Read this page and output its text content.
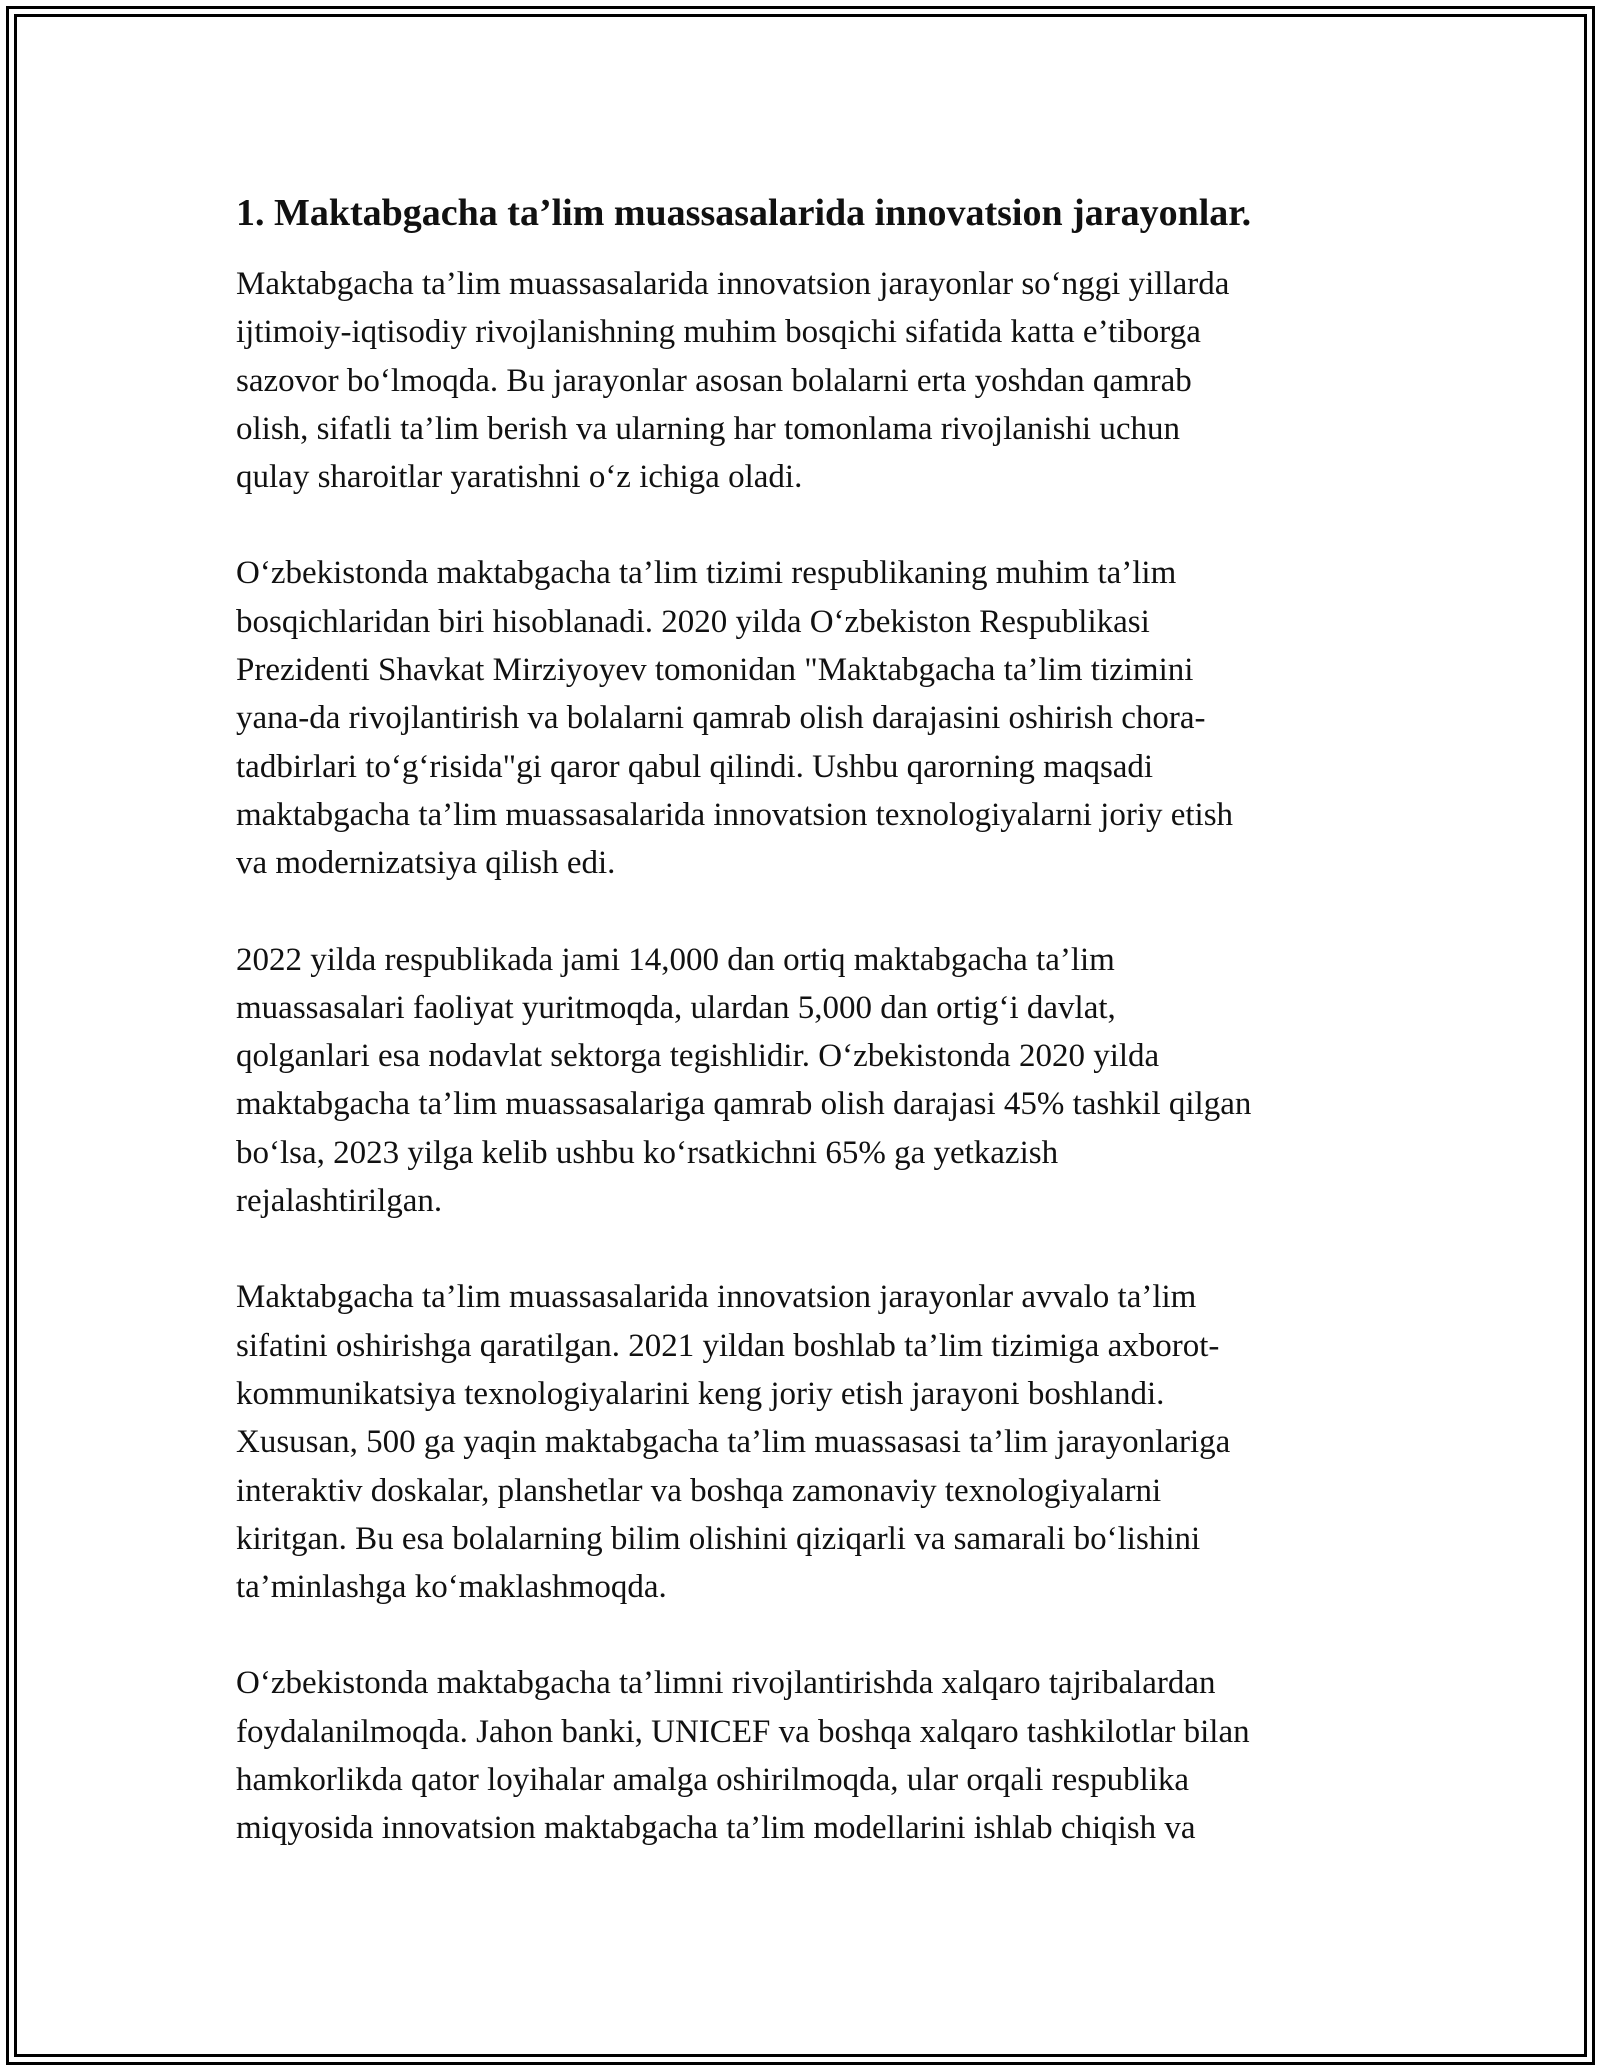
1. Maktabgacha ta’lim muassasalarida innovatsion jarayonlar.

Maktabgacha ta’lim muassasalarida innovatsion jarayonlar so‘nggi yillarda
ijtimoiy-iqtisodiy rivojlanishning muhim bosqichi sifatida katta e’tiborga
sazovor bo‘lmoqda. Bu jarayonlar asosan bolalarni erta yoshdan qamrab
olish, sifatli ta’lim berish va ularning har tomonlama rivojlanishi uchun
qulay sharoitlar yaratishni o‘z ichiga oladi.

O‘zbekistonda maktabgacha ta’lim tizimi respublikaning muhim ta’lim
bosqichlaridan biri hisoblanadi. 2020 yilda O‘zbekiston Respublikasi
Prezidenti Shavkat Mirziyoyev tomonidan "Maktabgacha ta’lim tizimini
yana-da rivojlantirish va bolalarni qamrab olish darajasini oshirish chora-
tadbirlari to‘g‘risida"gi qaror qabul qilindi. Ushbu qarorning maqsadi
maktabgacha ta’lim muassasalarida innovatsion texnologiyalarni joriy etish
va modernizatsiya qilish edi.

2022 yilda respublikada jami 14,000 dan ortiq maktabgacha ta’lim
muassasalari faoliyat yuritmoqda, ulardan 5,000 dan ortig‘i davlat,
qolganlari esa nodavlat sektorga tegishlidir. O‘zbekistonda 2020 yilda
maktabgacha ta’lim muassasalariga qamrab olish darajasi 45% tashkil qilgan
bo‘lsa, 2023 yilga kelib ushbu ko‘rsatkichni 65% ga yetkazish
rejalashtirilgan.

Maktabgacha ta’lim muassasalarida innovatsion jarayonlar avvalo ta’lim
sifatini oshirishga qaratilgan. 2021 yildan boshlab ta’lim tizimiga axborot-
kommunikatsiya texnologiyalarini keng joriy etish jarayoni boshlandi.
Xususan, 500 ga yaqin maktabgacha ta’lim muassasasi ta’lim jarayonlariga
interaktiv doskalar, planshetlar va boshqa zamonaviy texnologiyalarni
kiritgan. Bu esa bolalarning bilim olishini qiziqarli va samarali bo‘lishini
ta’minlashga ko‘maklashmoqda.

O‘zbekistonda maktabgacha ta’limni rivojlantirishda xalqaro tajribalardan
foydalanilmoqda. Jahon banki, UNICEF va boshqa xalqaro tashkilotlar bilan
hamkorlikda qator loyihalar amalga oshirilmoqda, ular orqali respublika
miqyosida innovatsion maktabgacha ta’lim modellarini ishlab chiqish va
